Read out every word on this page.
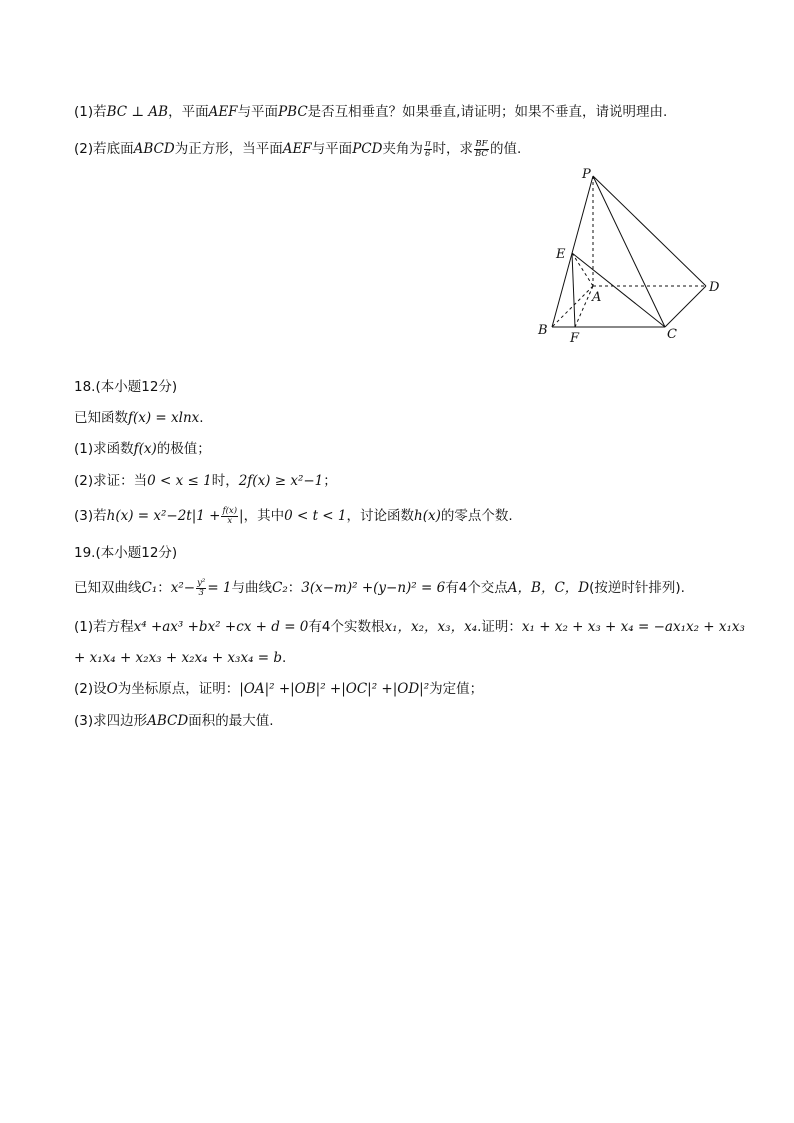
(1)若BC ⊥ AB，平面AEF与平面PBC是否互相垂直？如果垂直,请证明；如果不垂直，请说明理由.
(2)若底面ABCD为正方形，当平面AEF与平面PCD夹角为 $\frac{\pi}{6}$ 时，求 $\frac{BF}{BC}$ 的值.
P
E
A
D
B
F	C
18.(本小题12分)
已知函数f(x) = xlnx.
(1)求函数f(x)的极值；
(2)求证：当0 < x ≤ 1时，2f(x) ≥ x²−1；
(3)若$h(x) = x^2-2t|1 + \frac{f(x)}{x}$ |，其中0 < t < 1，讨论函数h(x)的零点个数.
19.(本小题12分)
已知双曲线C₁：$x^2- \frac{\text{y²}}{3} = 1$与曲线C₂：3(x−m)² +(y−n)² = 6有4个交点A，B，C，D(按逆时针排列).
(1)若方程x⁴ +ax³ +bx² +cx + d = 0有4个实数根x₁，x₂，x₃，x₄.证明：x₁ + x₂ + x₃ + x₄ = −ax₁x₂ + x₁x₃
+ x₁x₄ + x₂x₃ + x₂x₄ + x₃x₄ = b.
(2)设O为坐标原点，证明：|OA|² +|OB|² +|OC|² +|OD|²为定值；
(3)求四边形ABCD面积的最大值.
